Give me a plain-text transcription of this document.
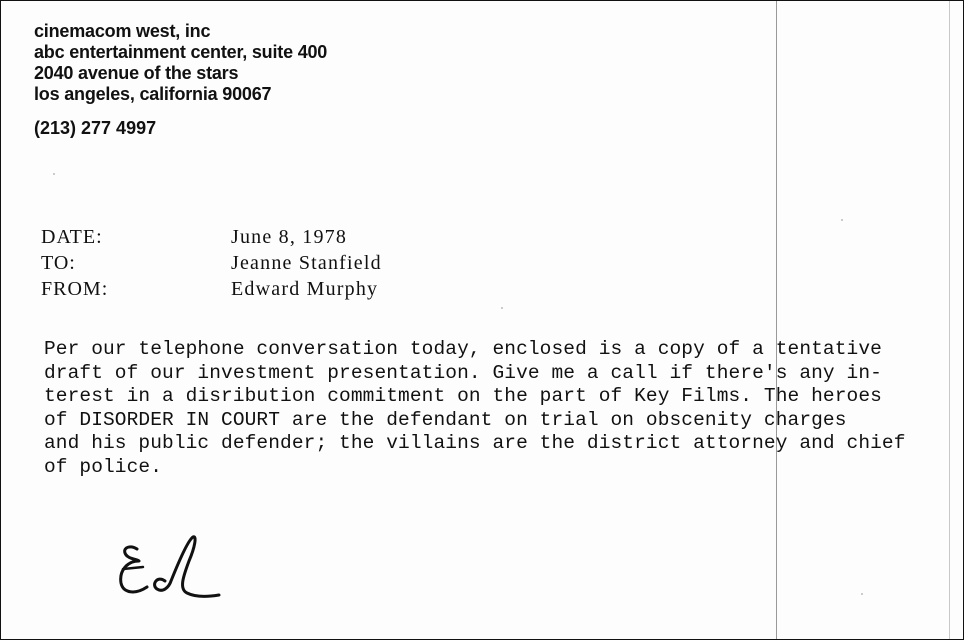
cinemacom west, inc
abc entertainment center, suite 400
2040 avenue of the stars
los angeles, california 90067
(213) 277 4997
DATE:	June 8, 1978
TO:	Jeanne Stanfield
FROM:	Edward Murphy
Per our telephone conversation today, enclosed is a copy of a tentative
draft of our investment presentation. Give me a call if there's any in-
terest in a disribution commitment on the part of Key Films. The heroes
of DISORDER IN COURT are the defendant on trial on obscenity charges
and his public defender; the villains are the district attorney and chief
of police.
